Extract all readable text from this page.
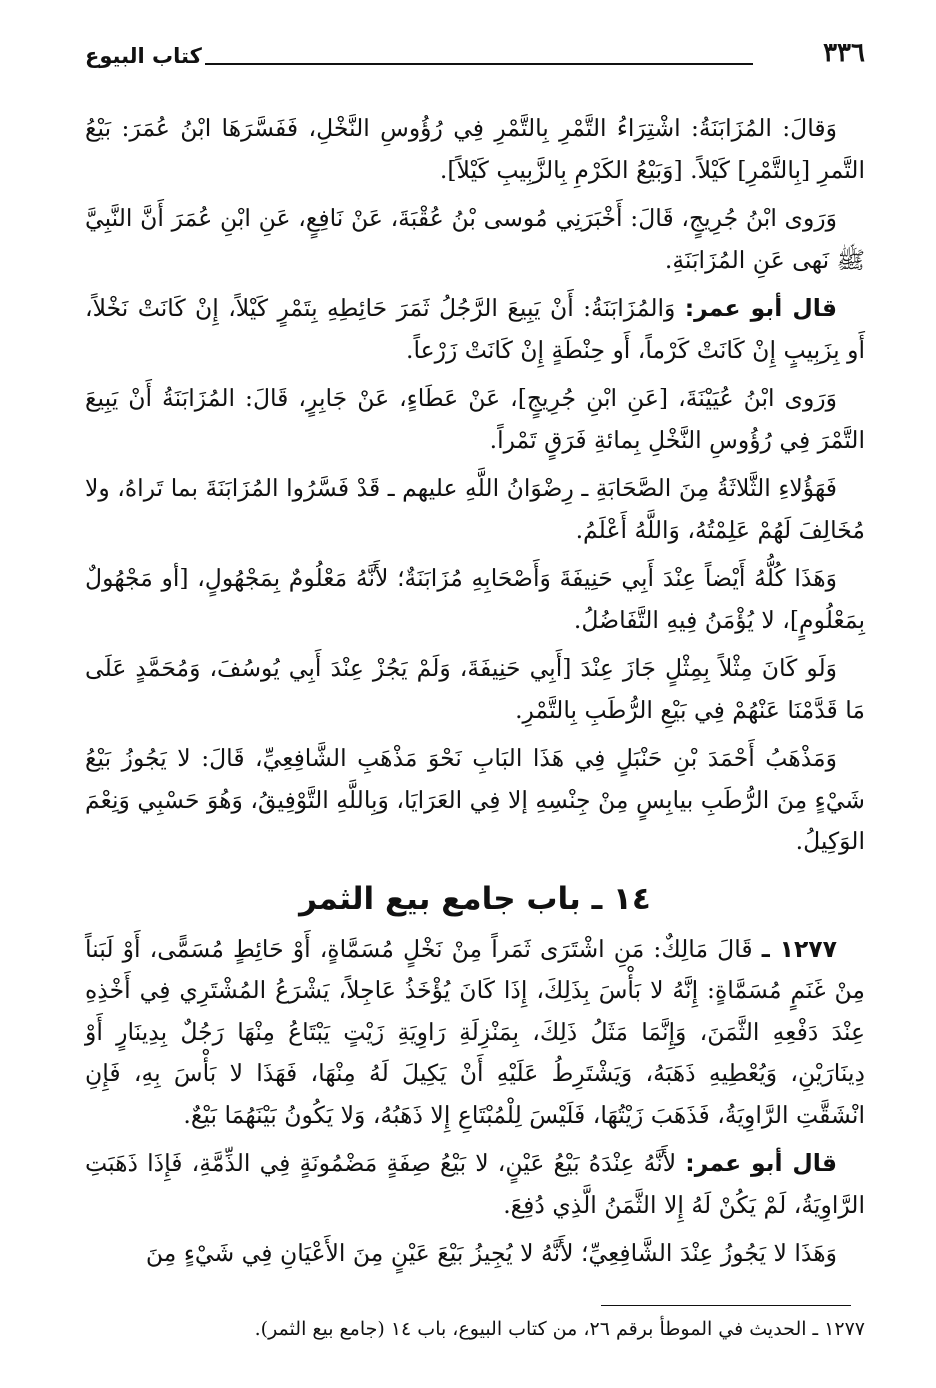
٣٣٦
كتاب البيوع

وَقالَ: المُزَابَنَةُ: اشْتِرَاءُ التَّمْرِ بِالتَّمْرِ فِي رُؤُوسِ النَّخْلِ، فَفَسَّرَهَا ابْنُ عُمَرَ: بَيْعُ التَّمرِ [بِالتَّمْرِ] كَيْلاً. [وَبَيْعُ الكَرْمِ بِالزَّبِيبِ كَيْلاً].

وَرَوى ابْنُ جُرِيجٍ، قَالَ: أَخْبَرَنِي مُوسى بْنُ عُقْبَةَ، عَنْ نَافِعٍ، عَنِ ابْنِ عُمَرَ أَنَّ النَّبِيَّ ﷺ نَهى عَنِ المُزَابَنَةِ.

قال أبو عمر: وَالمُزَابَنَةُ: أَنْ يَبِيعَ الرَّجُلُ ثَمَرَ حَائِطِهِ بِتَمْرٍ كَيْلاً، إِنْ كَانَتْ نَخْلاً، أَو بِزَبِيبٍ إِنْ كَانَتْ كَرْماً، أَو حِنْطَةٍ إِنْ كَانَتْ زَرْعاً.

وَرَوى ابْنُ عُيَيْنَةَ، [عَنِ ابْنِ جُرِيجٍ]، عَنْ عَطَاءٍ، عَنْ جَابِرٍ، قَالَ: المُزَابَنَةُ أَنْ يَبِيعَ التَّمْرَ فِي رُؤُوسِ النَّخْلِ بِمائةِ فَرَقٍ تَمْراً.

فَهَؤُلاءِ الثَّلاثَةُ مِنَ الصَّحَابَةِ ـ رِضْوَانُ اللَّهِ عليهم ـ قَدْ فَسَّرُوا المُزَابَنَةَ بما تَراهُ، ولا مُخَالِفَ لَهُمْ عَلِمْتُهُ، وَاللَّهُ أَعْلَمُ.

وَهَذَا كُلُّهُ أَيْضاً عِنْدَ أَبِي حَنِيفَةَ وَأَصْحَابِهِ مُزَابَنَةٌ؛ لأَنَّهُ مَعْلُومٌ بِمَجْهُولٍ، [أو مَجْهُولٌ بِمَعْلُومٍ]، لا يُؤْمَنُ فِيهِ التَّفَاضُلُ.

وَلَو كَانَ مِثْلاً بِمِثْلٍ جَازَ عِنْدَ [أَبِي حَنِيفَةَ، وَلَمْ يَجُزْ عِنْدَ أَبِي يُوسُفَ، وَمُحَمَّدٍ عَلَى مَا قَدَّمْنَا عَنْهُمْ فِي بَيْعِ الرُّطَبِ بِالتَّمْرِ.

وَمَذْهَبُ أَحْمَدَ بْنِ حَنْبَلٍ فِي هَذَا البَابِ نَحْوَ مَذْهَبِ الشَّافِعِيِّ، قَالَ: لا يَجُوزُ بَيْعُ شَيْءٍ مِنَ الرُّطَبِ بيابِسٍ مِنْ جِنْسِهِ إلا فِي العَرَايَا، وَبِاللَّهِ التَّوْفِيقُ، وَهُوَ حَسْبِي وَنِعْمَ الوَكِيلُ.

١٤ ـ باب جامع بيع الثمر

١٢٧٧ ـ قَالَ مَالِكٌ: مَنِ اشْتَرَى ثَمَراً مِنْ نَخْلٍ مُسَمَّاةٍ، أَوْ حَائِطٍ مُسَمًّى، أَوْ لَبَناً مِنْ غَنَمٍ مُسَمَّاةٍ: إِنَّهُ لا بَأْسَ بِذَلِكَ، إِذَا كَانَ يُؤْخَذُ عَاجِلاً، يَشْرَعُ المُشْتَرِي فِي أَخْذِهِ عِنْدَ دَفْعِهِ الثَّمَنَ، وَإِنَّمَا مَثَلُ ذَلِكَ، بِمَنْزِلَةِ رَاوِيَةِ زَيْتٍ يَبْتَاعُ مِنْهَا رَجُلٌ بِدِينَارٍ أَوْ دِينَارَيْنِ، وَيُعْطِيهِ ذَهَبَهُ، وَيَشْتَرِطُ عَلَيْهِ أَنْ يَكِيلَ لَهُ مِنْهَا، فَهَذَا لا بَأْسَ بِهِ، فَإِنِ انْشَقَّتِ الرَّاوِيَةُ، فَذَهَبَ زَيْتُهَا، فَلَيْسَ لِلْمُبْتَاعِ إِلا ذَهَبُهُ، وَلا يَكُونُ بَيْنَهُمَا بَيْعٌ.

قال أبو عمر: لأَنَّهُ عِنْدَهُ بَيْعُ عَيْنٍ، لا بَيْعُ صِفَةٍ مَضْمُونَةٍ فِي الذِّمَّةِ، فَإِذَا ذَهَبَتِ الرَّاوِيَةُ، لَمْ يَكُنْ لَهُ إِلا الثَّمَنُ الَّذِي دُفِعَ.

وَهَذَا لا يَجُوزُ عِنْدَ الشَّافِعِيِّ؛ لأَنَّهُ لا يُجِيزُ بَيْعَ عَيْنٍ مِنَ الأَعْيَانِ فِي شَيْءٍ مِنَ

١٢٧٧ ـ الحديث في الموطأ برقم ٢٦، من كتاب البيوع، باب ١٤ (جامع بيع الثمر).
